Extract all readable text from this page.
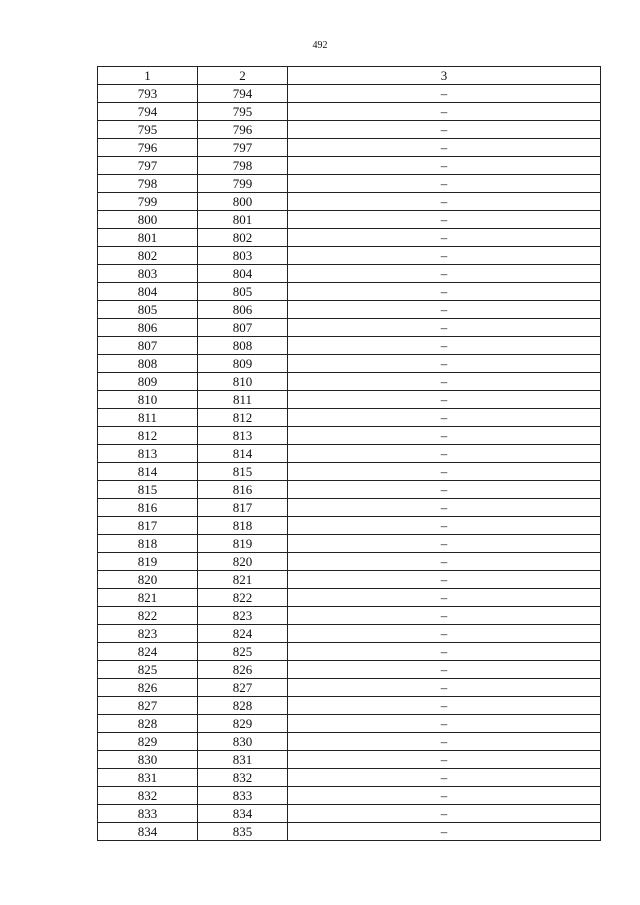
492
1	2	3
793	794	–
794	795	–
795	796	–
796	797	–
797	798	–
798	799	–
799	800	–
800	801	–
801	802	–
802	803	–
803	804	–
804	805	–
805	806	–
806	807	–
807	808	–
808	809	–
809	810	–
810	811	–
811	812	–
812	813	–
813	814	–
814	815	–
815	816	–
816	817	–
817	818	–
818	819	–
819	820	–
820	821	–
821	822	–
822	823	–
823	824	–
824	825	–
825	826	–
826	827	–
827	828	–
828	829	–
829	830	–
830	831	–
831	832	–
832	833	–
833	834	–
834	835	–
